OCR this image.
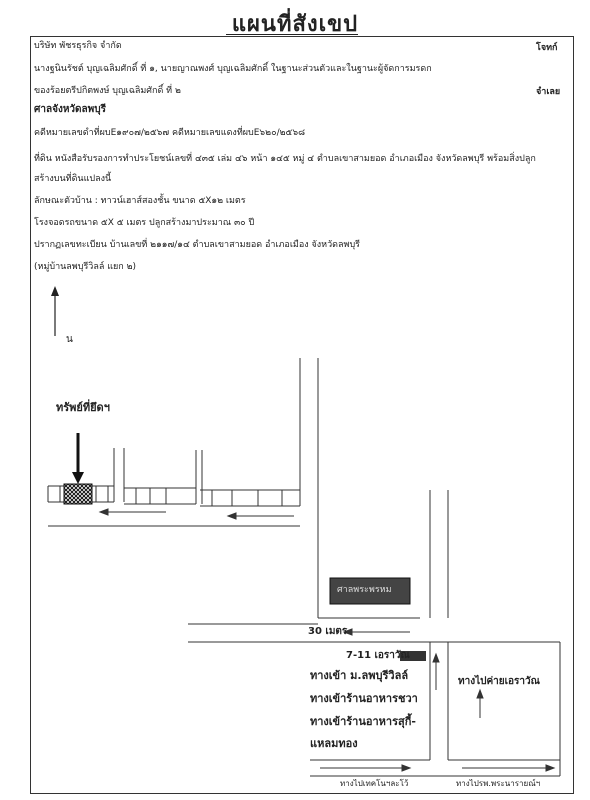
แผนที่สังเขป
บริษัท พัชรธุรกิจ จำกัด	โจทก์
นางฐนินรัชต์ บุญเฉลิมศักดิ์ ที่ ๑, นายญาณพงศ์ บุญเฉลิมศักดิ์ ในฐานะส่วนตัวและในฐานะผู้จัดการมรดก
ของร้อยตรีปกิตพงษ์ บุญเฉลิมศักดิ์ ที่ ๒	จำเลย
ศาลจังหวัดลพบุรี
คดีหมายเลขดำที่ผบE๑๙๐๗/๒๕๖๗ คดีหมายเลขแดงที่ผบE๖๒๐/๒๕๖๘
ที่ดิน หนังสือรับรองการทำประโยชน์เลขที่ ๔๓๕ เล่ม ๔๖ หน้า ๑๔๕ หมู่ ๔ ตำบลเขาสามยอด อำเภอเมือง จังหวัดลพบุรี พร้อมสิ่งปลูก
สร้างบนที่ดินแปลงนี้
ลักษณะตัวบ้าน : ทาวน์เฮาส์สองชั้น ขนาด ๕X๑๒ เมตร
โรงจอดรถขนาด ๕X ๕ เมตร ปลูกสร้างมาประมาณ ๓๐ ปี
ปรากฏเลขทะเบียน บ้านเลขที่ ๒๑๑๗/๑๔ ตำบลเขาสามยอด อำเภอเมือง จังหวัดลพบุรี
(หมู่บ้านลพบุรีวิลล์ แยก ๒)
น
ทรัพย์ที่ยึดฯ
ศาลพระพรหม
30 เมตร
7-11 เอราวัณ
ทางเข้า ม.ลพบุรีวิลล์
ทางเข้าร้านอาหารชวา
ทางเข้าร้านอาหารสุกี้-
แหลมทอง
ทางไปค่ายเอราวัณ
ทางไปเทคโนฯละโว้	ทางไปรพ.พระนารายณ์ฯ
